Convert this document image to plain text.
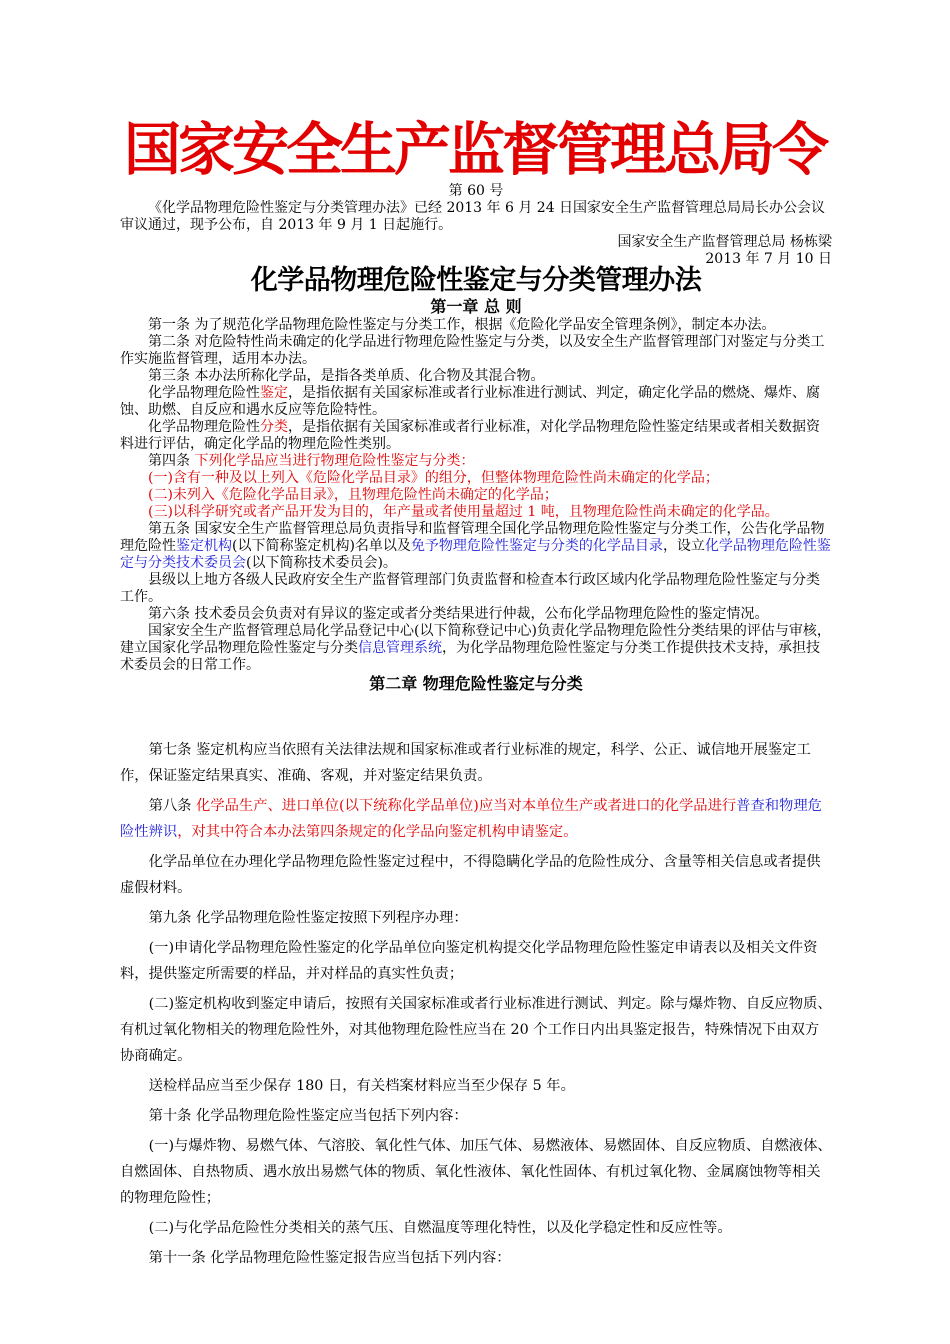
国家安全生产监督管理总局令

第 60 号

《化学品物理危险性鉴定与分类管理办法》已经 2013 年 6 月 24 日国家安全生产监督管理总局局长办公会议审议通过，现予公布，自 2013 年 9 月 1 日起施行。

国家安全生产监督管理总局 杨栋梁

2013 年 7 月 10 日

化学品物理危险性鉴定与分类管理办法
第一章 总 则

第一条 为了规范化学品物理危险性鉴定与分类工作，根据《危险化学品安全管理条例》，制定本办法。

第二条 对危险特性尚未确定的化学品进行物理危险性鉴定与分类，以及安全生产监督管理部门对鉴定与分类工作实施监督管理，适用本办法。

第三条 本办法所称化学品，是指各类单质、化合物及其混合物。

化学品物理危险性鉴定，是指依据有关国家标准或者行业标准进行测试、判定，确定化学品的燃烧、爆炸、腐蚀、助燃、自反应和遇水反应等危险特性。

化学品物理危险性分类，是指依据有关国家标准或者行业标准，对化学品物理危险性鉴定结果或者相关数据资料进行评估，确定化学品的物理危险性类别。

第四条 下列化学品应当进行物理危险性鉴定与分类：

(一)含有一种及以上列入《危险化学品目录》的组分，但整体物理危险性尚未确定的化学品；

(二)未列入《危险化学品目录》，且物理危险性尚未确定的化学品；

(三)以科学研究或者产品开发为目的，年产量或者使用量超过 1 吨，且物理危险性尚未确定的化学品。

第五条 国家安全生产监督管理总局负责指导和监督管理全国化学品物理危险性鉴定与分类工作，公告化学品物理危险性鉴定机构(以下简称鉴定机构)名单以及免予物理危险性鉴定与分类的化学品目录，设立化学品物理危险性鉴定与分类技术委员会(以下简称技术委员会)。

县级以上地方各级人民政府安全生产监督管理部门负责监督和检查本行政区域内化学品物理危险性鉴定与分类工作。

第六条 技术委员会负责对有异议的鉴定或者分类结果进行仲裁，公布化学品物理危险性的鉴定情况。

国家安全生产监督管理总局化学品登记中心(以下简称登记中心)负责化学品物理危险性分类结果的评估与审核，建立国家化学品物理危险性鉴定与分类信息管理系统，为化学品物理危险性鉴定与分类工作提供技术支持，承担技术委员会的日常工作。

第二章 物理危险性鉴定与分类

第七条 鉴定机构应当依照有关法律法规和国家标准或者行业标准的规定，科学、公正、诚信地开展鉴定工作，保证鉴定结果真实、准确、客观，并对鉴定结果负责。

第八条 化学品生产、进口单位(以下统称化学品单位)应当对本单位生产或者进口的化学品进行普查和物理危险性辨识，对其中符合本办法第四条规定的化学品向鉴定机构申请鉴定。

化学品单位在办理化学品物理危险性鉴定过程中，不得隐瞒化学品的危险性成分、含量等相关信息或者提供虚假材料。

第九条 化学品物理危险性鉴定按照下列程序办理：

(一)申请化学品物理危险性鉴定的化学品单位向鉴定机构提交化学品物理危险性鉴定申请表以及相关文件资料，提供鉴定所需要的样品，并对样品的真实性负责；

(二)鉴定机构收到鉴定申请后，按照有关国家标准或者行业标准进行测试、判定。除与爆炸物、自反应物质、有机过氧化物相关的物理危险性外，对其他物理危险性应当在 20 个工作日内出具鉴定报告，特殊情况下由双方协商确定。

送检样品应当至少保存 180 日，有关档案材料应当至少保存 5 年。

第十条 化学品物理危险性鉴定应当包括下列内容：

(一)与爆炸物、易燃气体、气溶胶、氧化性气体、加压气体、易燃液体、易燃固体、自反应物质、自燃液体、自燃固体、自热物质、遇水放出易燃气体的物质、氧化性液体、氧化性固体、有机过氧化物、金属腐蚀物等相关的物理危险性；

(二)与化学品危险性分类相关的蒸气压、自燃温度等理化特性，以及化学稳定性和反应性等。

第十一条 化学品物理危险性鉴定报告应当包括下列内容：
